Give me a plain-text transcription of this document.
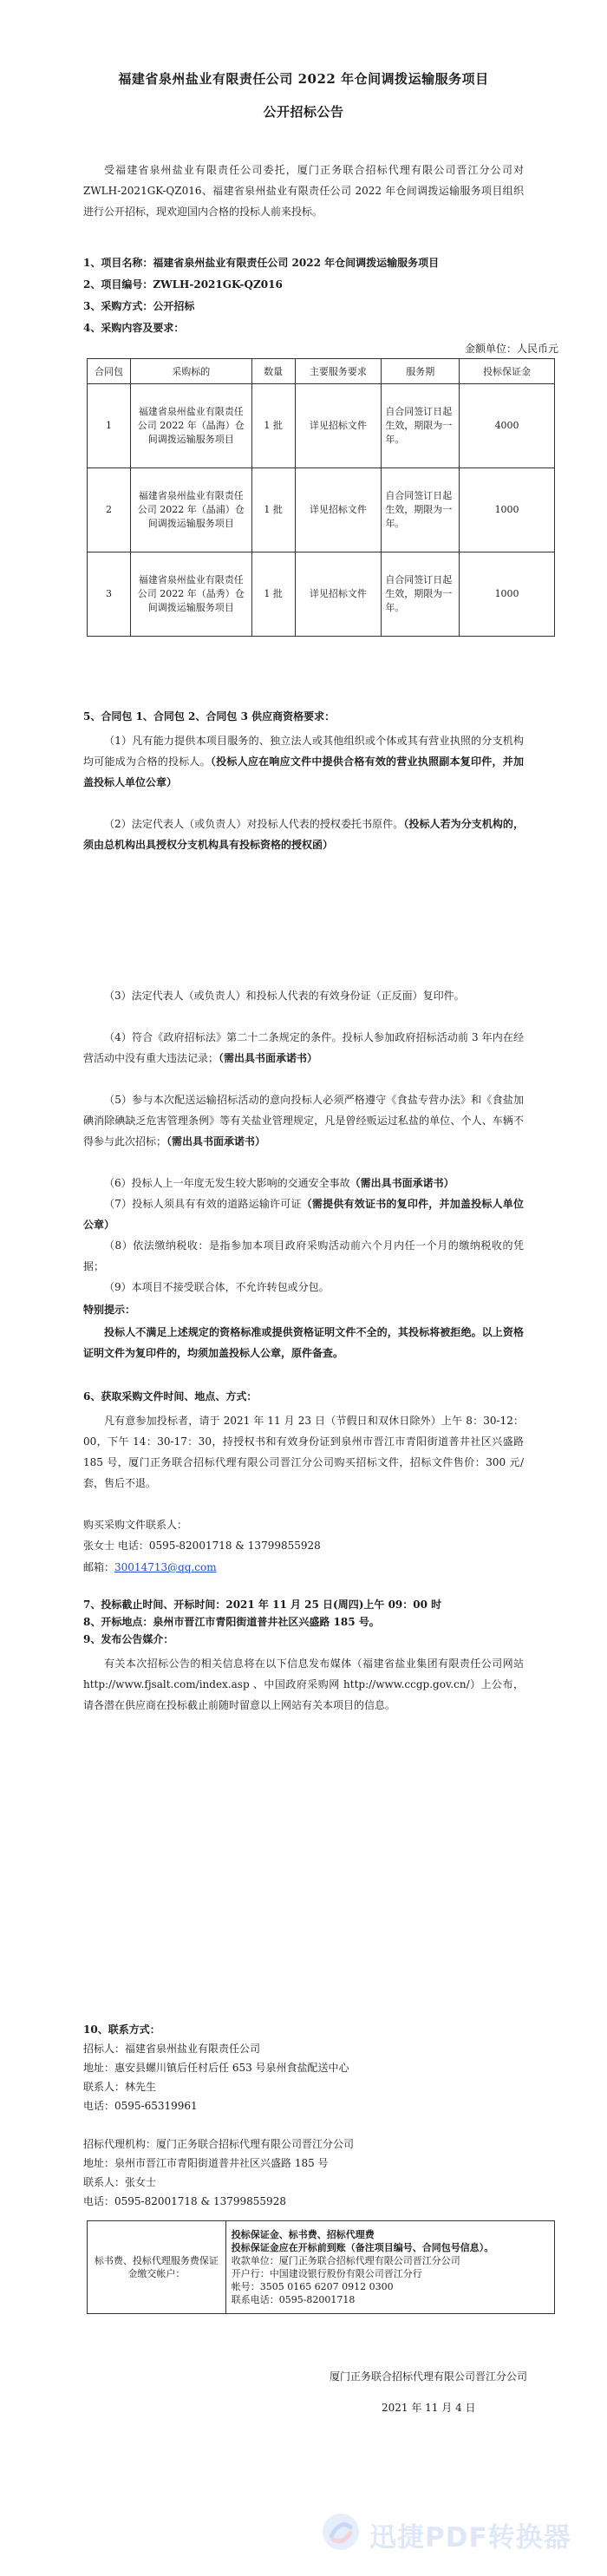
福建省泉州盐业有限责任公司 2022 年仓间调拨运输服务项目
公开招标公告
受福建省泉州盐业有限责任公司委托，厦门正务联合招标代理有限公司晋江分公司对 ZWLH-2021GK-QZ016、福建省泉州盐业有限责任公司 2022 年仓间调拨运输服务项目组织进行公开招标，现欢迎国内合格的投标人前来投标。
1、项目名称：福建省泉州盐业有限责任公司 2022 年仓间调拨运输服务项目
2、项目编号：ZWLH-2021GK-QZ016
3、采购方式：公开招标
4、采购内容及要求：
金额单位：人民币元
合同包	采购标的	数量	主要服务要求	服务期	投标保证金
1	福建省泉州盐业有限责任公司 2022 年（晶海）仓间调拨运输服务项目	1 批	详见招标文件	自合同签订日起生效，期限为一年。	4000
2	福建省泉州盐业有限责任公司 2022 年（晶浦）仓间调拨运输服务项目	1 批	详见招标文件	自合同签订日起生效，期限为一年。	1000
3	福建省泉州盐业有限责任公司 2022 年（晶秀）仓间调拨运输服务项目	1 批	详见招标文件	自合同签订日起生效，期限为一年。	1000
5、合同包 1、合同包 2、合同包 3 供应商资格要求：
（1）凡有能力提供本项目服务的、独立法人或其他组织或个体或其有营业执照的分支机构均可能成为合格的投标人。（投标人应在响应文件中提供合格有效的营业执照副本复印件，并加盖投标人单位公章）
（2）法定代表人（或负责人）对投标人代表的授权委托书原件。（投标人若为分支机构的，须由总机构出具授权分支机构具有投标资格的授权函）
（3）法定代表人（或负责人）和投标人代表的有效身份证（正反面）复印件。
（4）符合《政府招标法》第二十二条规定的条件。投标人参加政府招标活动前 3 年内在经营活动中没有重大违法记录；（需出具书面承诺书）
（5）参与本次配送运输招标活动的意向投标人必须严格遵守《食盐专营办法》和《食盐加碘消除碘缺乏危害管理条例》等有关盐业管理规定，凡是曾经贩运过私盐的单位、个人、车辆不得参与此次招标；（需出具书面承诺书）
（6）投标人上一年度无发生较大影响的交通安全事故（需出具书面承诺书）
（7）投标人须具有有效的道路运输许可证（需提供有效证书的复印件，并加盖投标人单位公章）
（8）依法缴纳税收：是指参加本项目政府采购活动前六个月内任一个月的缴纳税收的凭据；
（9）本项目不接受联合体，不允许转包或分包。
特别提示：
投标人不满足上述规定的资格标准或提供资格证明文件不全的，其投标将被拒绝。以上资格证明文件为复印件的，均须加盖投标人公章，原件备查。
6、获取采购文件时间、地点、方式：
凡有意参加投标者，请于 2021 年 11 月 23 日（节假日和双休日除外）上午 8：30-12：00，下午 14：30-17：30，持授权书和有效身份证到泉州市晋江市青阳街道普井社区兴盛路 185 号，厦门正务联合招标代理有限公司晋江分公司购买招标文件，招标文件售价：300 元/套，售后不退。
购买采购文件联系人：
张女士 电话：0595-82001718 & 13799855928
邮箱：30014713@qq.com
7、投标截止时间、开标时间：2021 年 11 月 25 日(周四)上午 09：00 时
8、开标地点：泉州市晋江市青阳街道普井社区兴盛路 185 号。
9、发布公告媒介：
有关本次招标公告的相关信息将在以下信息发布媒体（福建省盐业集团有限责任公司网站 http://www.fjsalt.com/index.asp 、中国政府采购网 http://www.ccgp.gov.cn/）上公布，请各潜在供应商在投标截止前随时留意以上网站有关本项目的信息。
10、联系方式：
招标人：福建省泉州盐业有限责任公司
地址：惠安县螺川镇后任村后任 653 号泉州食盐配送中心
联系人：林先生
电话：0595-65319961
招标代理机构：厦门正务联合招标代理有限公司晋江分公司
地址：泉州市晋江市青阳街道普井社区兴盛路 185 号
联系人：张女士
电话：0595-82001718 & 13799855928
标书费、投标代理服务费保证金缴交帐户：	
投标保证金、标书费、招标代理费
投标保证金应在开标前到账（备注项目编号、合同包号信息）。
收款单位：厦门正务联合招标代理有限公司晋江分公司
开户行：中国建设银行股份有限公司晋江分行
帐号：3505 0165 6207 0912 0300
联系电话：0595-82001718
厦门正务联合招标代理有限公司晋江分公司
2021 年 11 月 4 日
迅捷PDF转换器
